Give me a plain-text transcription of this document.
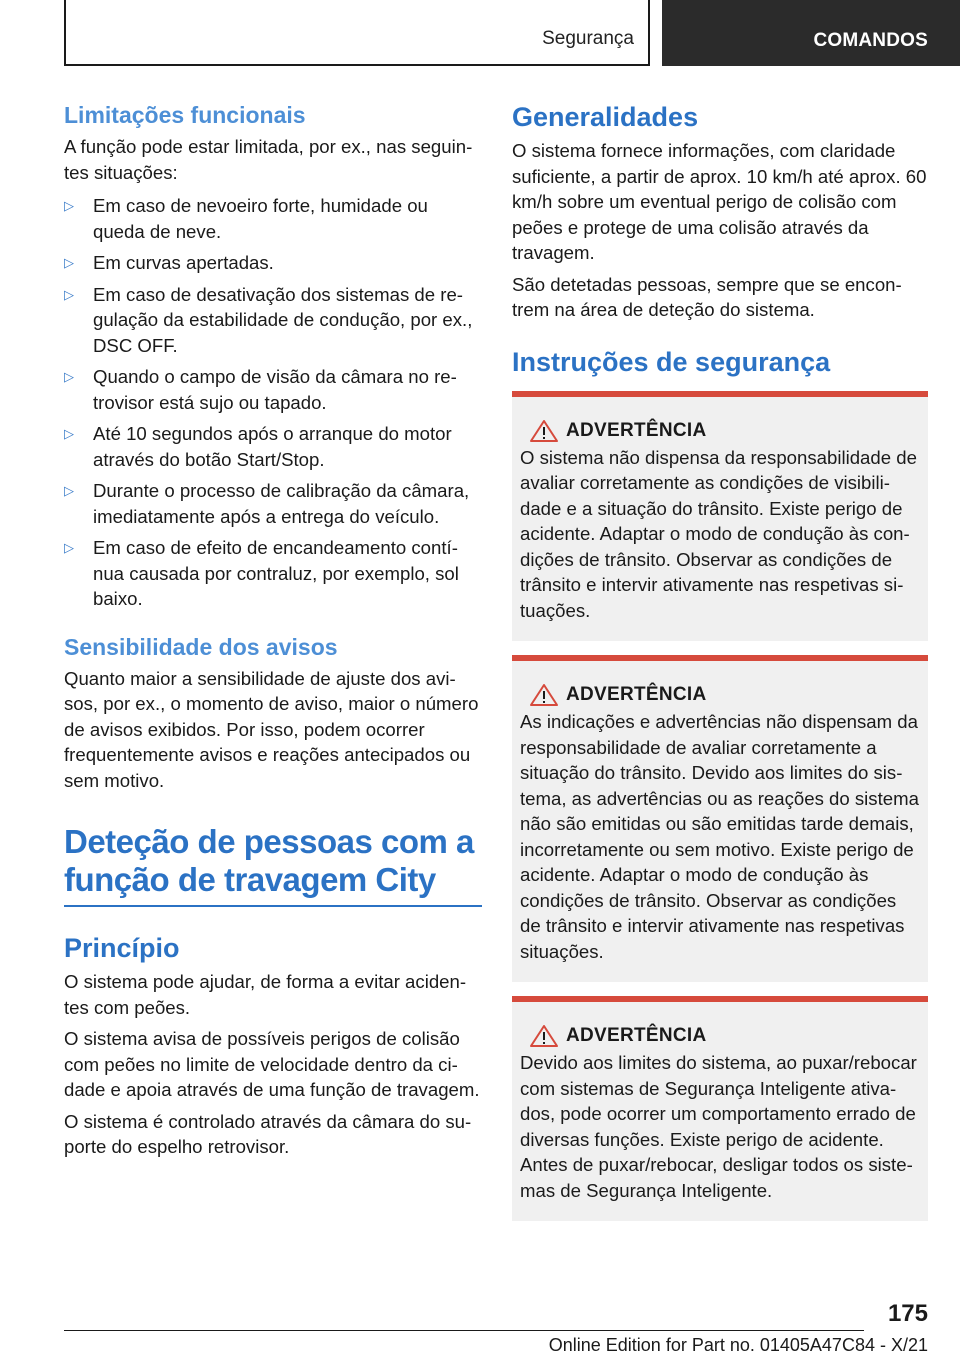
Segurança	COMANDOS
Limitações funcionais

A função pode estar limitada, por ex., nas seguintes situações:

▷ Em caso de nevoeiro forte, humidade ou queda de neve.
▷ Em curvas apertadas.
▷ Em caso de desativação dos sistemas de regulação da estabilidade de condução, por ex., DSC OFF.
▷ Quando o campo de visão da câmara no retrovisor está sujo ou tapado.
▷ Até 10 segundos após o arranque do motor através do botão Start/Stop.
▷ Durante o processo de calibração da câmara, imediatamente após a entrega do veículo.
▷ Em caso de efeito de encandeamento contínua causada por contraluz, por exemplo, sol baixo.
Sensibilidade dos avisos

Quanto maior a sensibilidade de ajuste dos avisos, por ex., o momento de aviso, maior o número de avisos exibidos. Por isso, podem ocorrer frequentemente avisos e reações antecipados ou sem motivo.

Deteção de pessoas com a função de travagem City
Princípio

O sistema pode ajudar, de forma a evitar acidentes com peões.

O sistema avisa de possíveis perigos de colisão com peões no limite de velocidade dentro da cidade e apoia através de uma função de travagem.

O sistema é controlado através da câmara do suporte do espelho retrovisor.

Generalidades

O sistema fornece informações, com claridade suficiente, a partir de aprox. 10 km/h até aprox. 60 km/h sobre um eventual perigo de colisão com peões e protege de uma colisão através da travagem.

São detetadas pessoas, sempre que se encontrem na área de deteção do sistema.

Instruções de segurança
ADVERTÊNCIA

O sistema não dispensa da responsabilidade de avaliar corretamente as condições de visibilidade e a situação do trânsito. Existe perigo de acidente. Adaptar o modo de condução às condições de trânsito. Observar as condições de trânsito e intervir ativamente nas respetivas situações.

ADVERTÊNCIA

As indicações e advertências não dispensam da responsabilidade de avaliar corretamente a situação do trânsito. Devido aos limites do sistema, as advertências ou as reações do sistema não são emitidas ou são emitidas tarde demais, incorretamente ou sem motivo. Existe perigo de acidente. Adaptar o modo de condução às condições de trânsito. Observar as condições de trânsito e intervir ativamente nas respetivas situações.

ADVERTÊNCIA

Devido aos limites do sistema, ao puxar/rebocar com sistemas de Segurança Inteligente ativados, pode ocorrer um comportamento errado de diversas funções. Existe perigo de acidente. Antes de puxar/rebocar, desligar todos os sistemas de Segurança Inteligente.

175
Online Edition for Part no. 01405A47C84 - X/21
